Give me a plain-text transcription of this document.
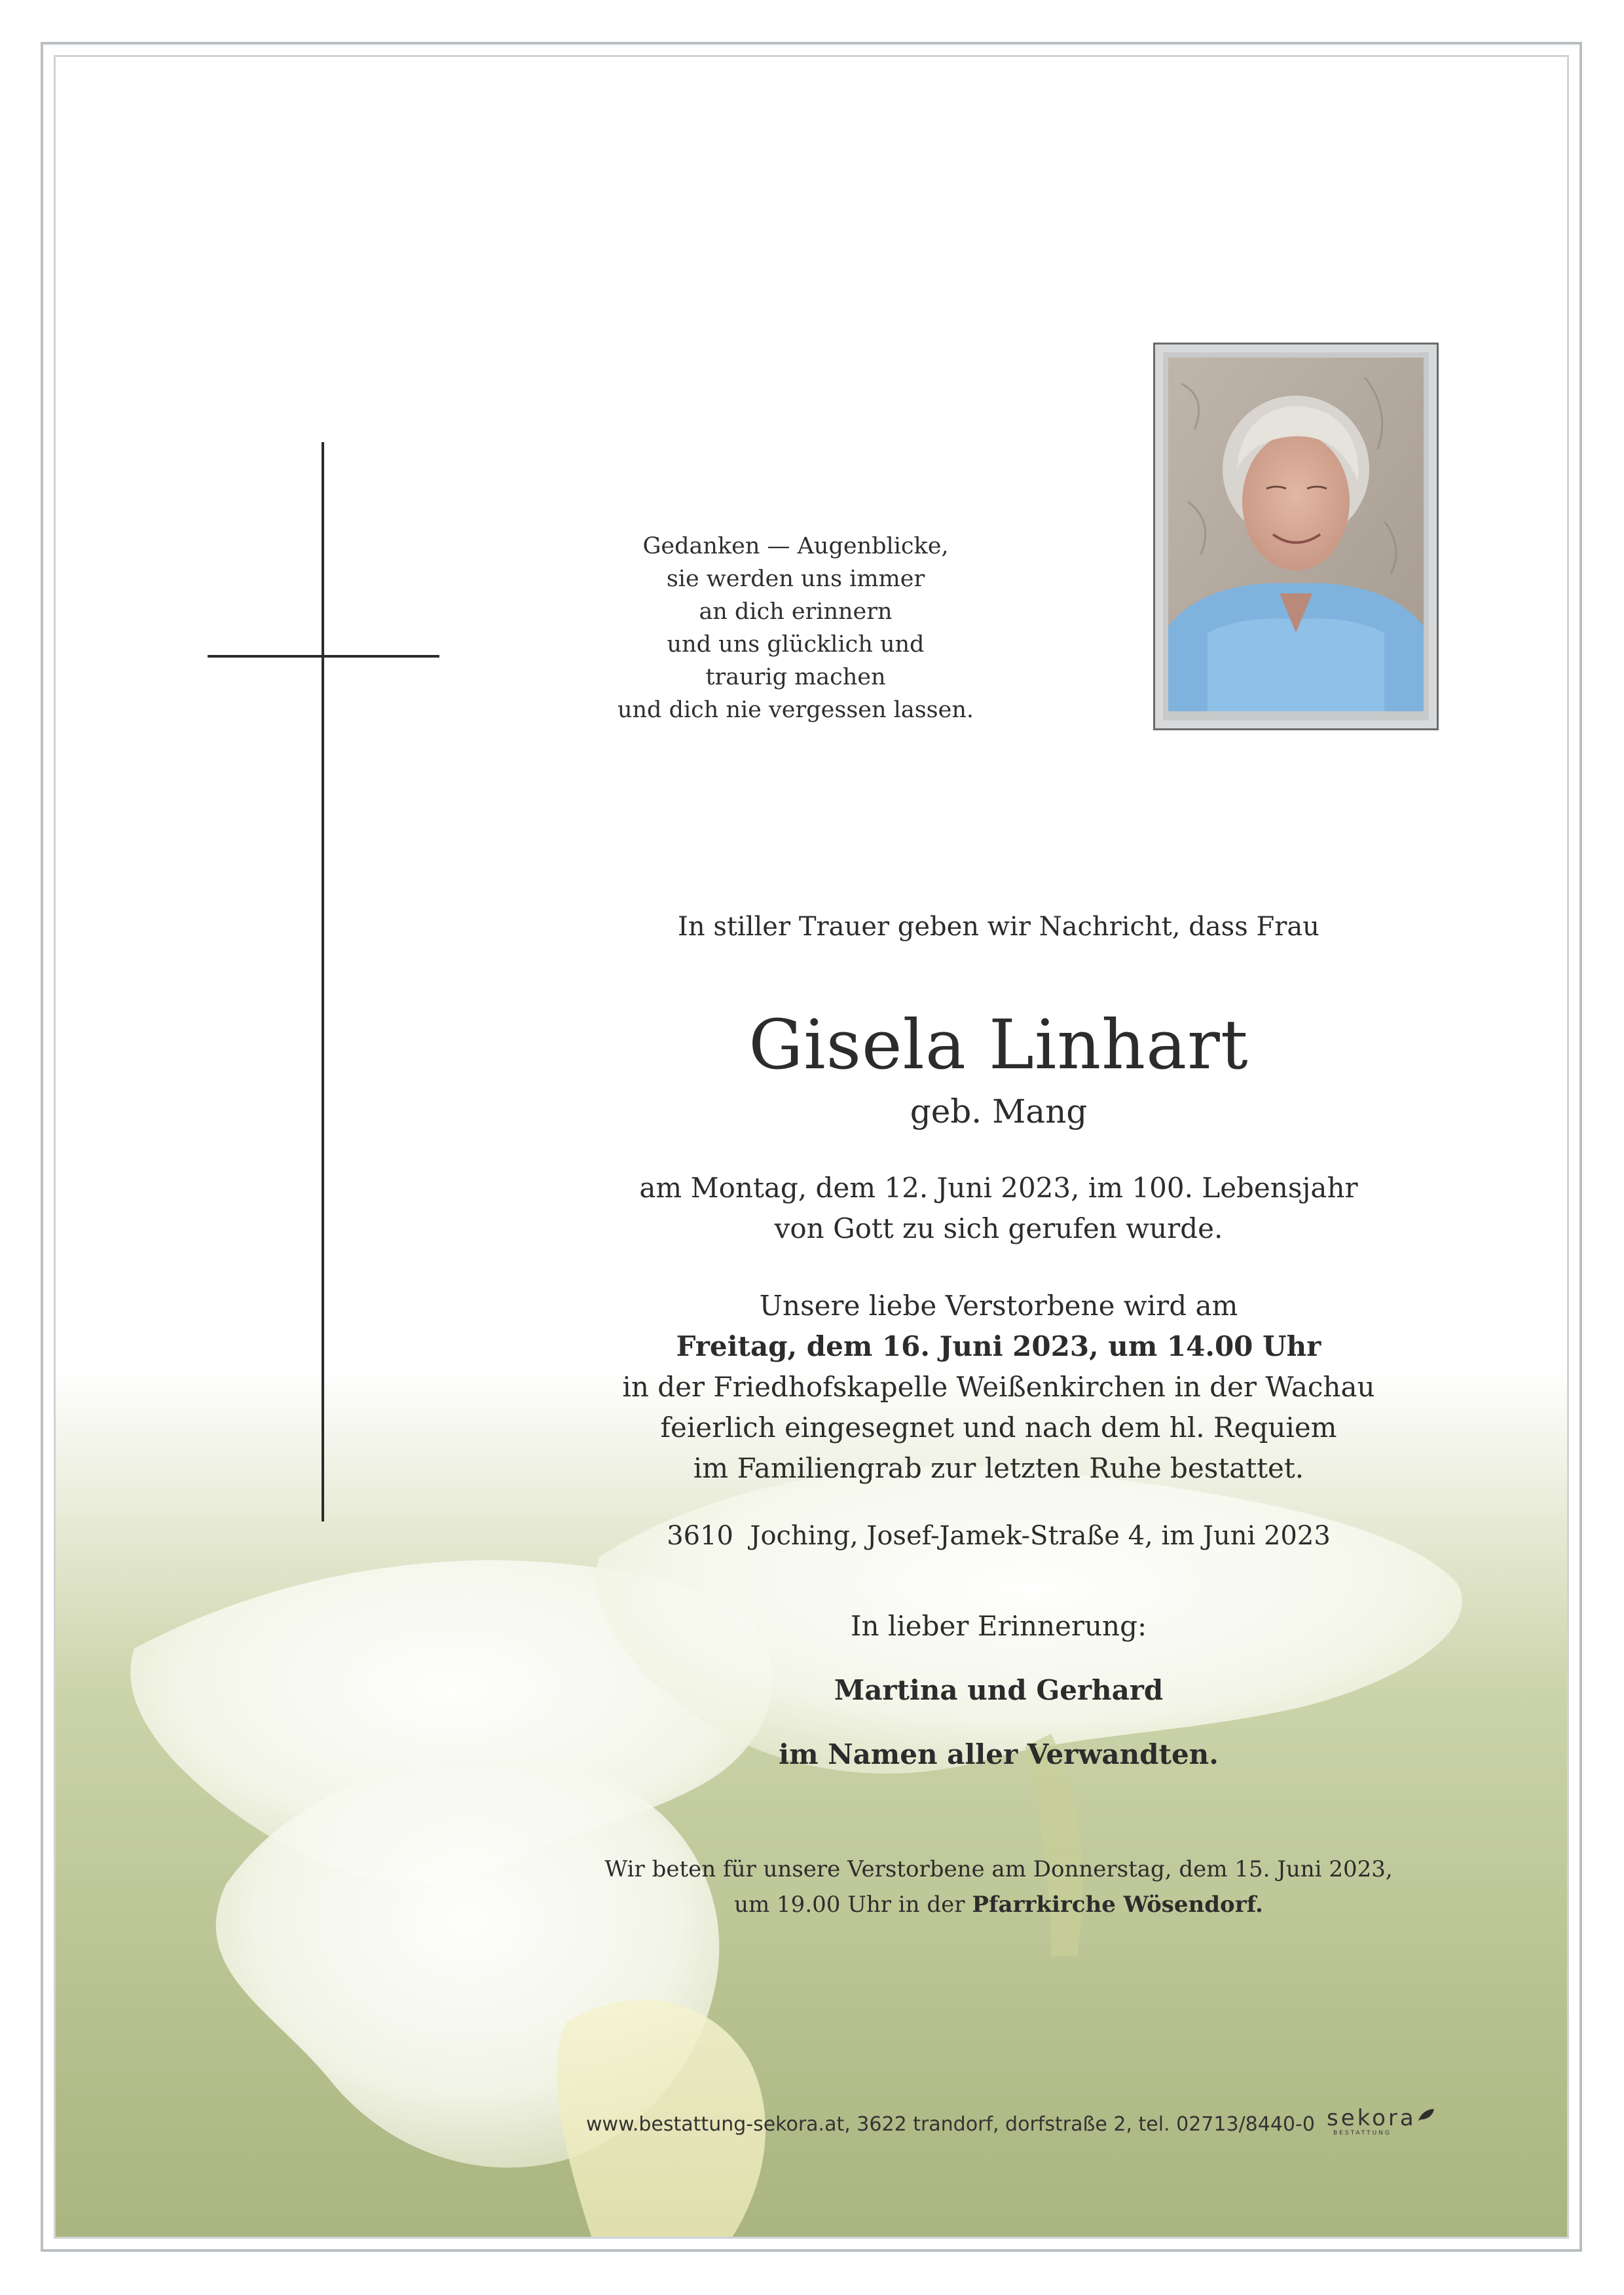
Gedanken — Augenblicke,
sie werden uns immer
an dich erinnern
und uns glücklich und
traurig machen
und dich nie vergessen lassen.
In stiller Trauer geben wir Nachricht, dass Frau
Gisela Linhart
geb. Mang
am Montag, dem 12. Juni 2023, im 100. Lebensjahr
von Gott zu sich gerufen wurde.
Unsere liebe Verstorbene wird am
Freitag, dem 16. Juni 2023, um 14.00 Uhr
in der Friedhofskapelle Weißenkirchen in der Wachau
feierlich eingesegnet und nach dem hl. Requiem
im Familiengrab zur letzten Ruhe bestattet.
3610  Joching, Josef-Jamek-Straße 4, im Juni 2023
In lieber Erinnerung:
Martina und Gerhard
im Namen aller Verwandten.
Wir beten für unsere Verstorbene am Donnerstag, dem 15. Juni 2023,
um 19.00 Uhr in der Pfarrkirche Wösendorf.
www.bestattung-sekora.at, 3622 trandorf, dorfstraße 2, tel. 02713/8440-0 sekora
BESTATTUNG
